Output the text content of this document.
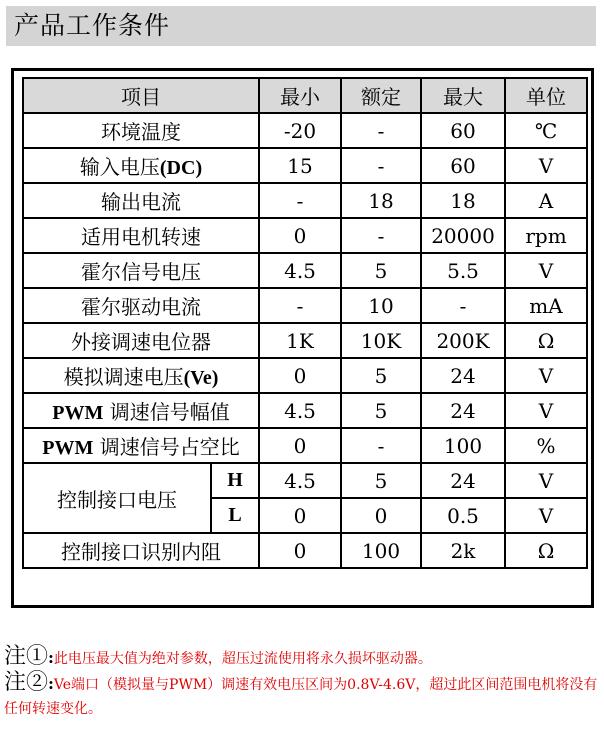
产品工作条件
项目		最小	额定	最大	单位
环境温度		-20	-	60	℃
输入电压(DC)		15	-	60	V
输出电流		-	18	18	A
适用电机转速		0	-	20000	rpm
霍尔信号电压		4.5	5	5.5	V
霍尔驱动电流		-	10	-	mA
外接调速电位器		1K	10K	200K	Ω
模拟调速电压(Ve)		0	5	24	V
PWM 调速信号幅值		4.5	5	24	V
PWM 调速信号占空比		0	-	100	%
控制接口电压	H	4.5	5	24	V
	L	0	0	0.5	V
控制接口识别内阻		0	100	2k	Ω
注①:此电压最大值为绝对参数，超压过流使用将永久损坏驱动器。
注②:Ve端口（模拟量与PWM）调速有效电压区间为0.8V-4.6V，超过此区间范围电机将没有任何转速变化。
